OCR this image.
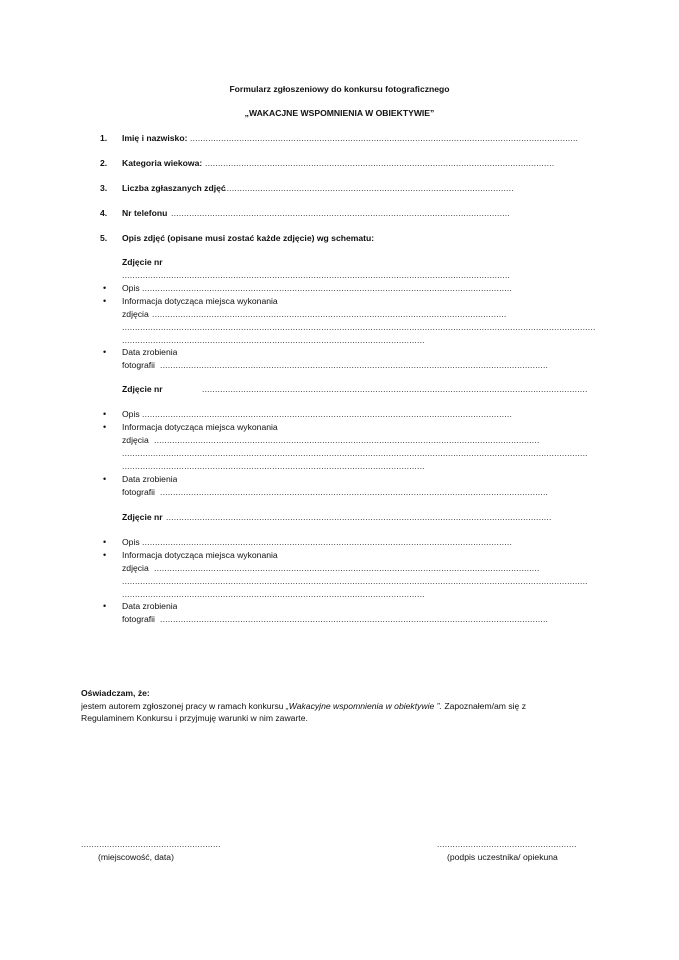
Formularz zgłoszeniowy do konkursu fotograficznego
„WAKACJNE WSPOMNIENIA W OBIEKTYWIE”
1. Imię i nazwisko: ......................................................................................................................................................
2. Kategoria wiekowa: .......................................................................................................................................
3. Liczba zgłaszanych zdjęć
................................................................................................................
4. Nr telefonu ...................................................................................................................................
5. Opis zdjęć (opisane musi zostać każde zdjęcie) wg schematu:
Zdjęcie nr
......................................................................................................................................................
• Opis ...............................................................................................................................................
• Informacja dotycząca miejsca wykonania
zdjęcia .........................................................................................................................................
.......................................................................................................................................................................................
.....................................................................................................................
• Data zrobienia
fotografii ......................................................................................................................................................
Zdjęcie nr	.....................................................................................................................................................
• Opis ...............................................................................................................................................
• Informacja dotycząca miejsca wykonania
zdjęcia .....................................................................................................................................................
....................................................................................................................................................................................
.....................................................................................................................
• Data zrobienia
fotografii ......................................................................................................................................................
Zdjęcie nr .....................................................................................................................................................
• Opis ...............................................................................................................................................
• Informacja dotycząca miejsca wykonania
zdjęcia .....................................................................................................................................................
....................................................................................................................................................................................
.....................................................................................................................
• Data zrobienia
fotografii ......................................................................................................................................................
Oświadczam, że:
jestem autorem zgłoszonej pracy w ramach konkursu „Wakacyjne wspomnienia w obiektywie ”. Zapoznałem/am się z
Regulaminem Konkursu i przyjmuję warunki w nim zawarte.
......................................................
(miejscowość, data)
......................................................
(podpis uczestnika/ opiekuna
